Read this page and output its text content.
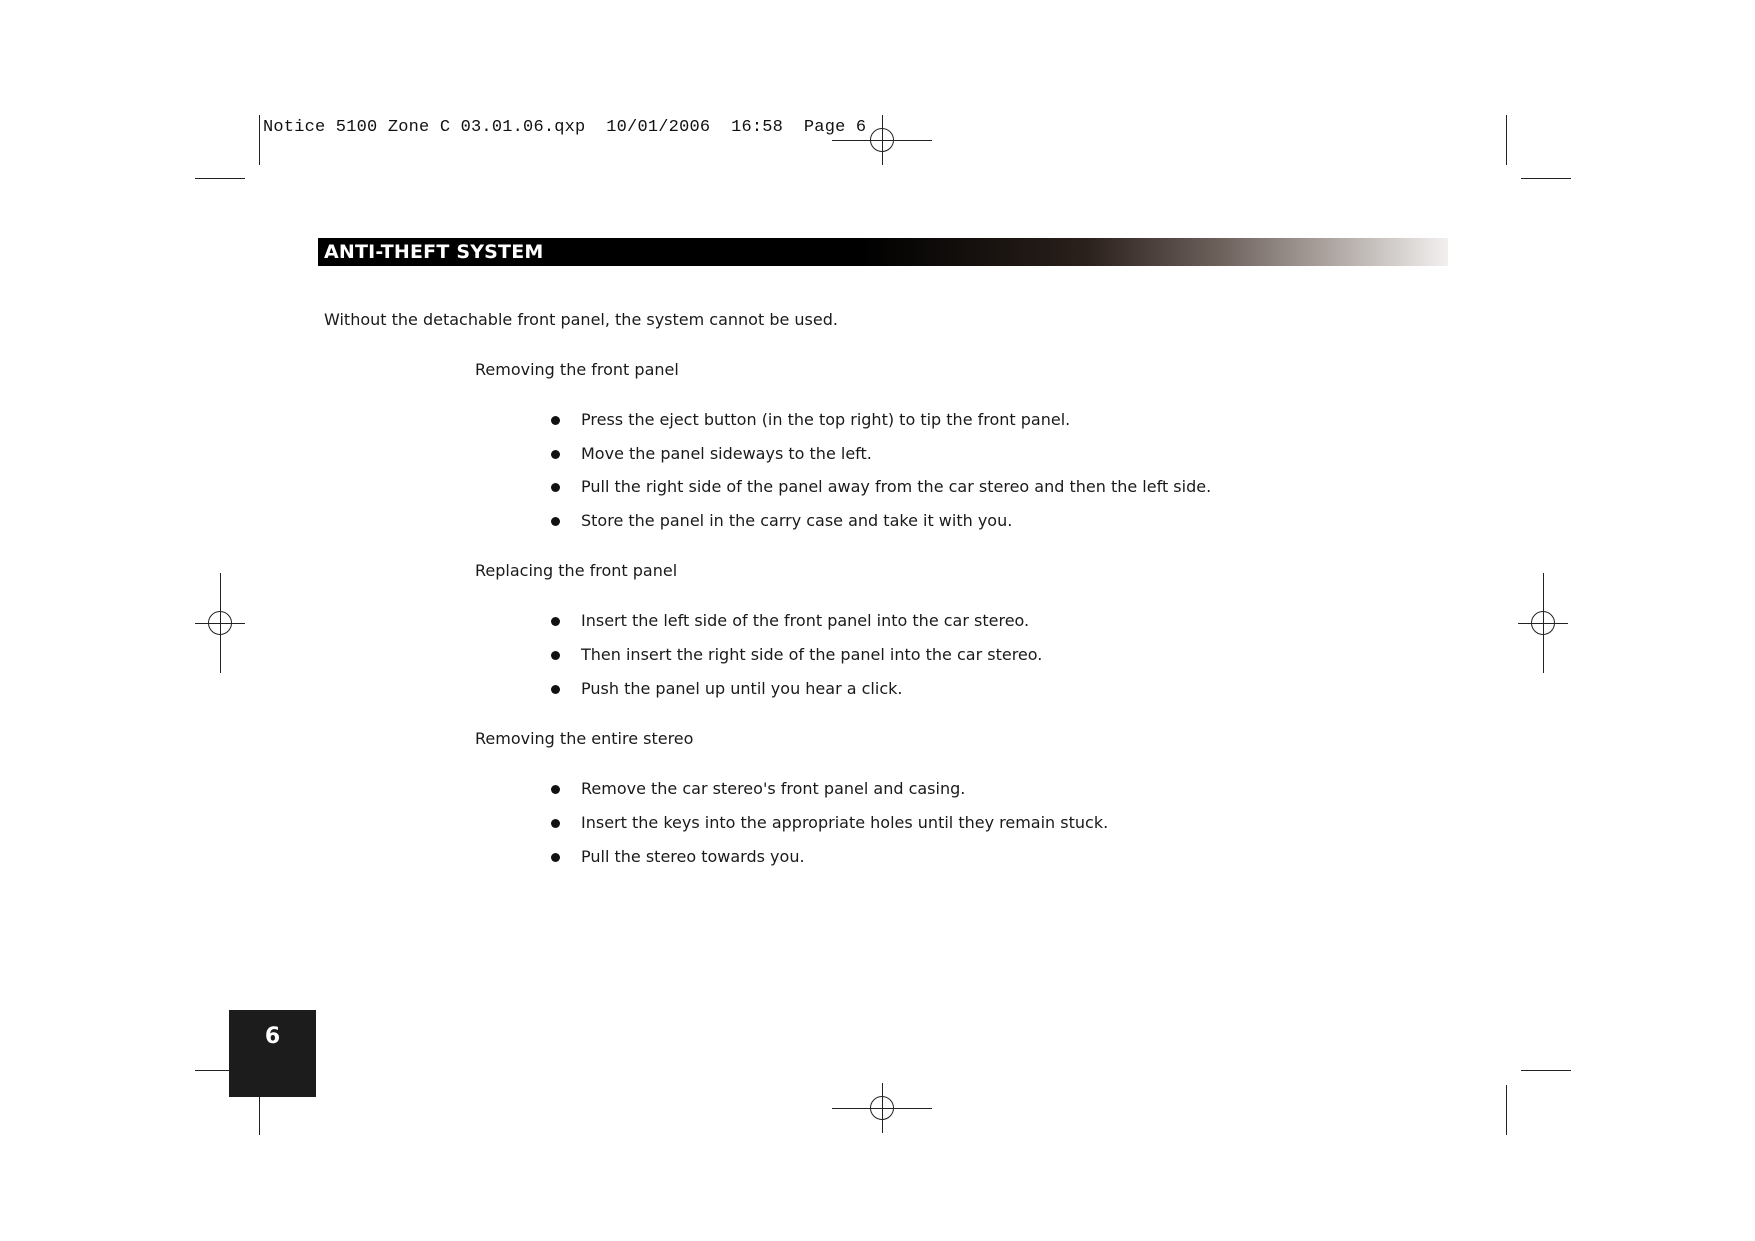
Notice 5100 Zone C 03.01.06.qxp  10/01/2006  16:58  Page 6
ANTI-THEFT SYSTEM
Without the detachable front panel, the system cannot be used.
Removing the front panel
Press the eject button (in the top right) to tip the front panel.
Move the panel sideways to the left.
Pull the right side of the panel away from the car stereo and then the left side.
Store the panel in the carry case and take it with you.
Replacing the front panel
Insert the left side of the front panel into the car stereo.
Then insert the right side of the panel into the car stereo.
Push the panel up until you hear a click.
Removing the entire stereo
Remove the car stereo's front panel and casing.
Insert the keys into the appropriate holes until they remain stuck.
Pull the stereo towards you.
6
